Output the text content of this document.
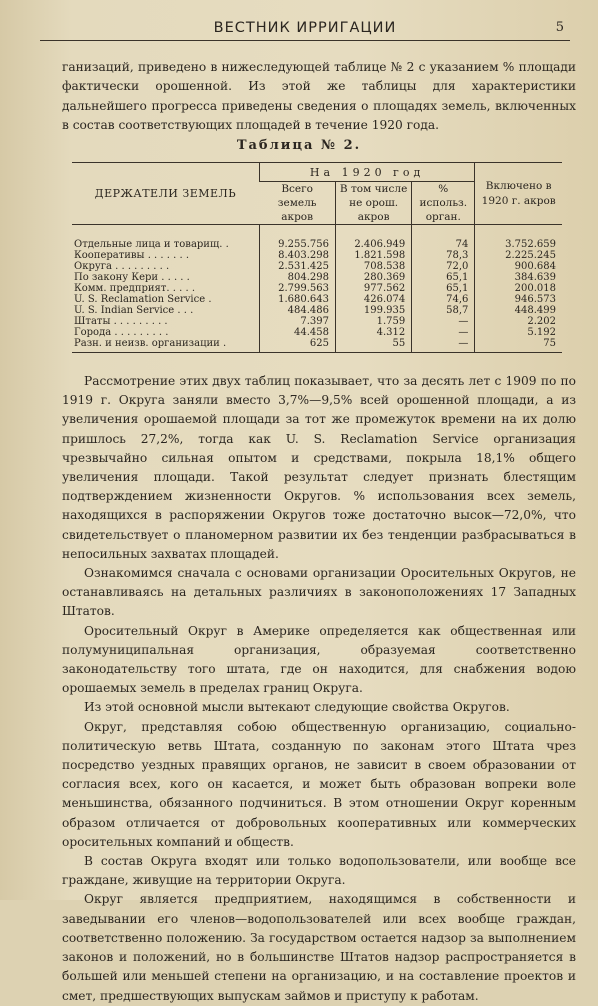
ВЕСТНИК ИРРИГАЦИИ	5

ганизаций, приведено в нижеследующей таблице № 2 с указанием % площади фактически орошенной. Из этой же таблицы для характеристики дальнейшего прогресса приведены сведения о площадях земель, включенных в состав соответствующих площадей в течение 1920 года.

Таблица № 2.
ДЕРЖАТЕЛИ ЗЕМЕЛЬ	На 1920 год			Включено в 1920 г. акров
	Всего земель акров	В том числе не орош. акров	% использ. орган.	
Отдельные лица и товарищ. .	9.255.756	2.406.949	74	3.752.659
Кооперативы . . . . . . .	8.403.298	1.821.598	78,3	2.225.245
Округа . . . . . . . . .	2.531.425	708.538	72,0	900.684
По закону Кери . . . . .	804.298	280.369	65,1	384.639
Комм. предприят. . . . .	2.799.563	977.562	65,1	200.018
U. S. Reclamation Service .	1.680.643	426.074	74,6	946.573
U. S. Indian Service . . .	484.486	199.935	58,7	448.499
Штаты . . . . . . . . .	7.397	1.759	—	2.202
Города . . . . . . . . .	44.458	4.312	—	5.192
Разн. и неизв. организации .	625	55	—	75

Рассмотрение этих двух таблиц показывает, что за десять лет с 1909 по по 1919 г. Округа заняли вместо 3,7%—9,5% всей орошенной площади, а из увеличения орошаемой площади за тот же промежуток времени на их долю пришлось 27,2%, тогда как U. S. Reclamation Service организация чрезвычайно сильная опытом и средствами, покрыла 18,1% общего увеличения площади. Такой результат следует признать блестящим подтверждением жизненности Округов. % использования всех земель, находящихся в распоряжении Округов тоже достаточно высок—72,0%, что свидетельствует о планомерном развитии их без тенденции разбрасываться в непосильных захватах площадей.

Ознакомимся сначала с основами организации Оросительных Округов, не останавливаясь на детальных различиях в законоположениях 17 Западных Штатов.

Оросительный Округ в Америке определяется как общественная или полумуниципальная организация, образуемая соответственно законодательству того штата, где он находится, для снабжения водою орошаемых земель в пределах границ Округа.

Из этой основной мысли вытекают следующие свойства Округов.

Округ, представляя собою общественную организацию, социально-политическую ветвь Штата, созданную по законам этого Штата чрез посредство уездных правящих органов, не зависит в своем образовании от согласия всех, кого он касается, и может быть образован вопреки воле меньшинства, обязанного подчиниться. В этом отношении Округ коренным образом отличается от добровольных кооперативных или коммерческих оросительных компаний и обществ.

В состав Округа входят или только водопользователи, или вообще все граждане, живущие на территории Округа.

Округ является предприятием, находящимся в собственности и заведывании его членов—водопользователей или всех вообще граждан, соответственно положению. За государством остается надзор за выполнением законов и положений, но в большинстве Штатов надзор распространяется в большей или меньшей степени на организацию, и на составление проектов и смет, предшествующих выпускам займов и приступу к работам.
